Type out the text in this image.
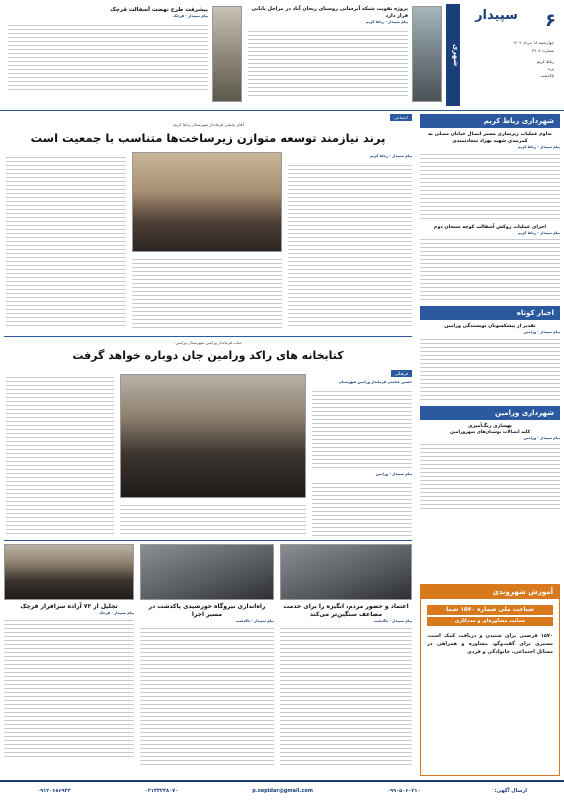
۶
سپیدار
چهارشنبه ۱۸ مرداد ۱۴۰۲
شماره: ۳۹۰۸
رباط کریم
پرند
پاکدشت
شهری
پروژه تقویت شبکه آبرسانی روستای ریحان آباد در مراحل پایانی قرار دارد
پیام سپیدار - رباط کریم
پیشرفت طرح نهضت آسفالت قرچک
پیام سپیدار - قرچک
شهرداری رباط کریم
تداوم عملیات زیرسازی مسیر اتصال خیابان مصلی به کمربندی شهید بهزاد سعادتمندی
پیام سپیدار - رباط کریم
اجرای عملیات روکش آسفالت کوچه سبحان دوم
پیام سپیدار - رباط کریم
اخبار کوتاه
تقدیر از پیشکسوتان نویسندگی ورامین
پیام سپیدار - ورامین
شهرداری ورامین
بهسازی رنگ‌آمیزی
کلیه اتصالات بوستان‌های شهرورامین
پیام سپیدار - ورامین
اجتماعی
آقای بخشی فرماندار شهرستان رباط کریم:
پرند نیازمند توسعه متوازن زیرساخت‌ها متناسب با جمعیت است
پیام سپیدار - رباط کریم
جناب فرماندار ورامین شهرستان ورامین:
کتابخانه های راکد ورامین جان دوباره خواهد گرفت
فرهنگی
حسین عباسی فرماندار ورامین شهرستان
پیام سپیدار - ورامین
اعتماد و حضور مردم، انگیزه را برای خدمت مضاعف سنگین‌تر می‌کند
پیام سپیدار - پاکدشت
راه‌اندازی نیروگاه خورشیدی پاکدشت در مسیر اجرا
پیام سپیدار - پاکدشت
تجلیل از ۷۲ آزاده سرافراز قرچک
پیام سپیدار - قرچک
آموزش شهروندی
شناخت ملی شماره ۱۵۷۰ شما
حمایت مشاوره‌ای و مددکاری
۱۵۷۰ فرصتی برای شنیدن و دریافت کمک است، مسیری برای گفت‌وگو، مشاوره و همراهی در مسائل اجتماعی، خانوادگی و فردی
ارسال آگهی:
۰۹۹۰۵۰۶۰۲۱۰
p.sepidar@gmail.com
۰۲۱۴۴۲۴۸۰۷۰
۰۹۱۲۰۶۸۶۹۴۲
